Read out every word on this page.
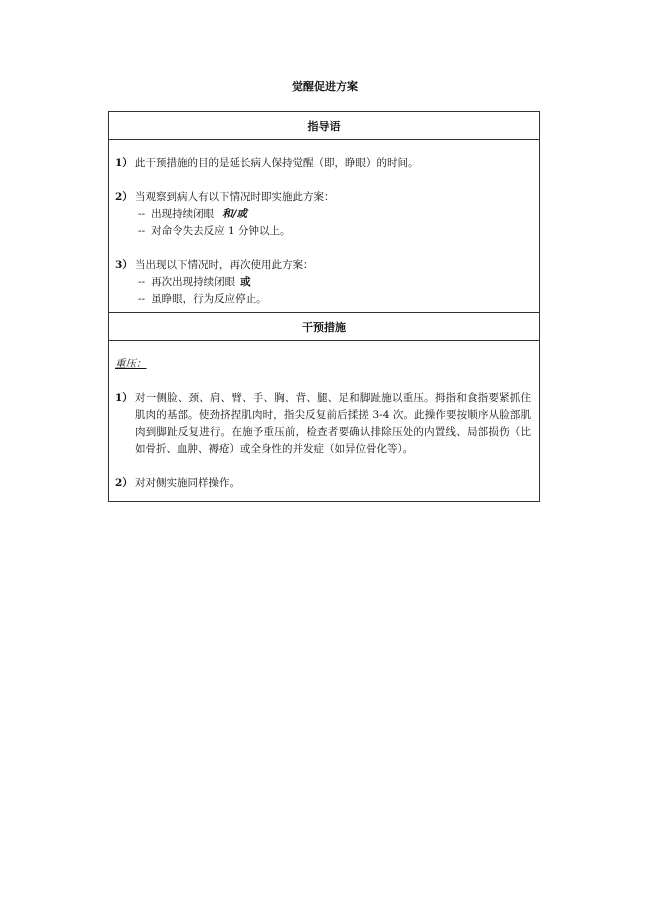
觉醒促进方案
指导语
1） 此干预措施的目的是延长病人保持觉醒（即，睁眼）的时间。
2） 当观察到病人有以下情况时即实施此方案：
-- 出现持续闭眼 和/或
-- 对命令失去反应 1 分钟以上。
3） 当出现以下情况时，再次使用此方案：
-- 再次出现持续闭眼 或
-- 虽睁眼，行为反应停止。
干预措施
重压：
1） 对一侧脸、颈、肩、臂、手、胸、背、腿、足和脚趾施以重压。拇指和食指要紧抓住肌肉的基部。使劲挤捏肌肉时，指尖反复前后揉搓 3-4 次。此操作要按顺序从脸部肌肉到脚趾反复进行。在施予重压前，检查者要确认排除压处的内置线、局部损伤（比如骨折、血肿、褥疮）或全身性的并发症（如异位骨化等）。
2） 对对侧实施同样操作。
